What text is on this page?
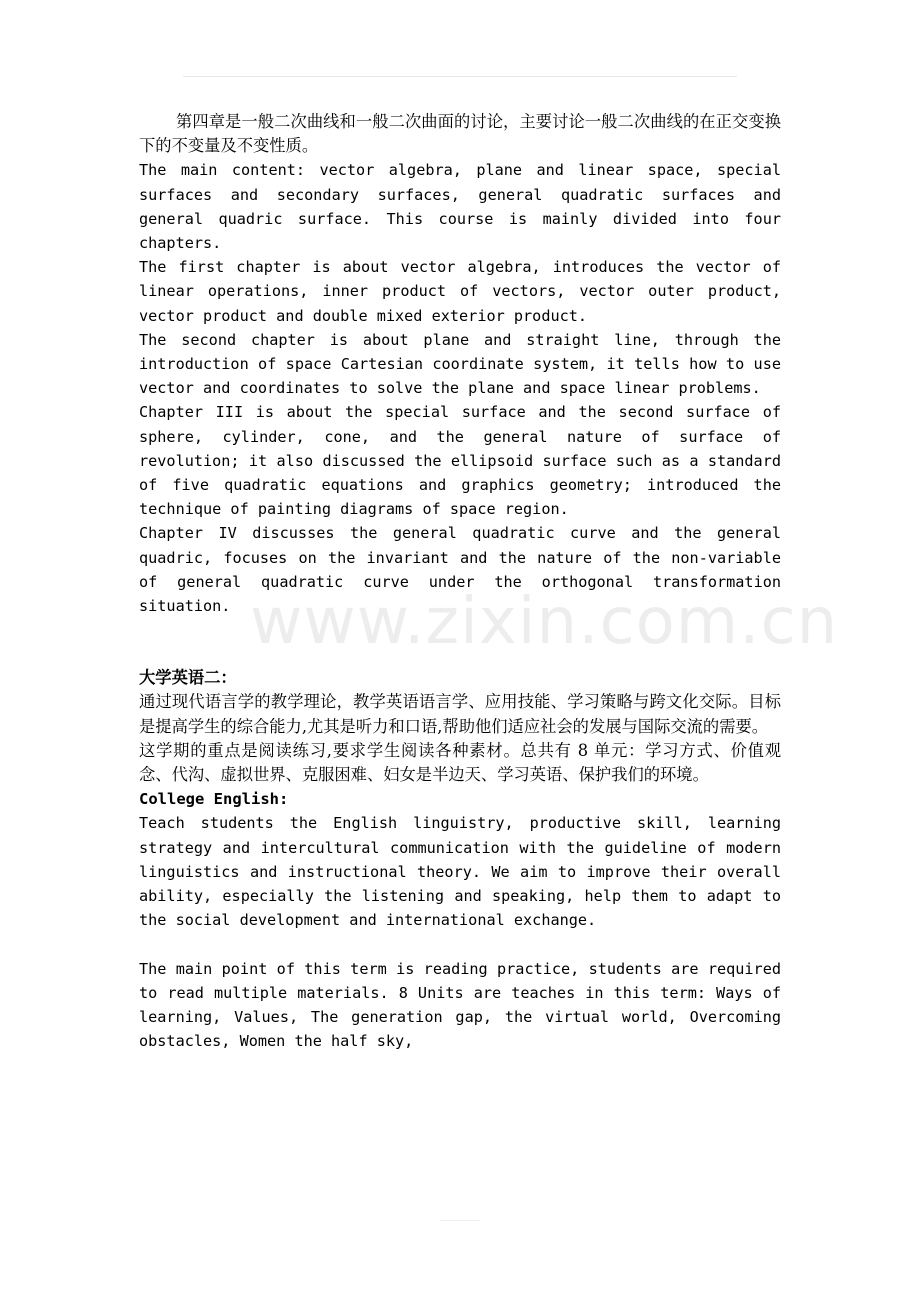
www.zixin.com.cn

第四章是一般二次曲线和一般二次曲面的讨论，主要讨论一般二次曲线的在正交变换下的不变量及不变性质。

The main content: vector algebra, plane and linear space, special surfaces and secondary surfaces, general quadratic surfaces and general quadric surface. This course is mainly divided into four chapters.

The first chapter is about vector algebra, introduces the vector of linear operations, inner product of vectors, vector outer product, vector product and double mixed exterior product.

The second chapter is about plane and straight line, through the introduction of space Cartesian coordinate system, it tells how to use vector and coordinates to solve the plane and space linear problems.

Chapter III is about the special surface and the second surface of sphere, cylinder, cone, and the general nature of surface of revolution; it also discussed the ellipsoid surface such as a standard of five quadratic equations and graphics geometry; introduced the technique of painting diagrams of space region.

Chapter IV discusses the general quadratic curve and the general quadric, focuses on the invariant and the nature of the non-variable of general quadratic curve under the orthogonal transformation situation.

大学英语二：

通过现代语言学的教学理论，教学英语语言学、应用技能、学习策略与跨文化交际。目标是提高学生的综合能力,尤其是听力和口语,帮助他们适应社会的发展与国际交流的需要。

这学期的重点是阅读练习,要求学生阅读各种素材。总共有 8 单元：学习方式、价值观念、代沟、虚拟世界、克服困难、妇女是半边天、学习英语、保护我们的环境。

College English:

Teach students the English linguistry, productive skill, learning strategy and intercultural communication with the guideline of modern linguistics and instructional theory. We aim to improve their overall ability, especially the listening and speaking, help them to adapt to the social development and international exchange.

The main point of this term is reading practice, students are required to read multiple materials. 8 Units are teaches in this term: Ways of learning, Values, The generation gap, the virtual world, Overcoming obstacles, Women the half sky,
